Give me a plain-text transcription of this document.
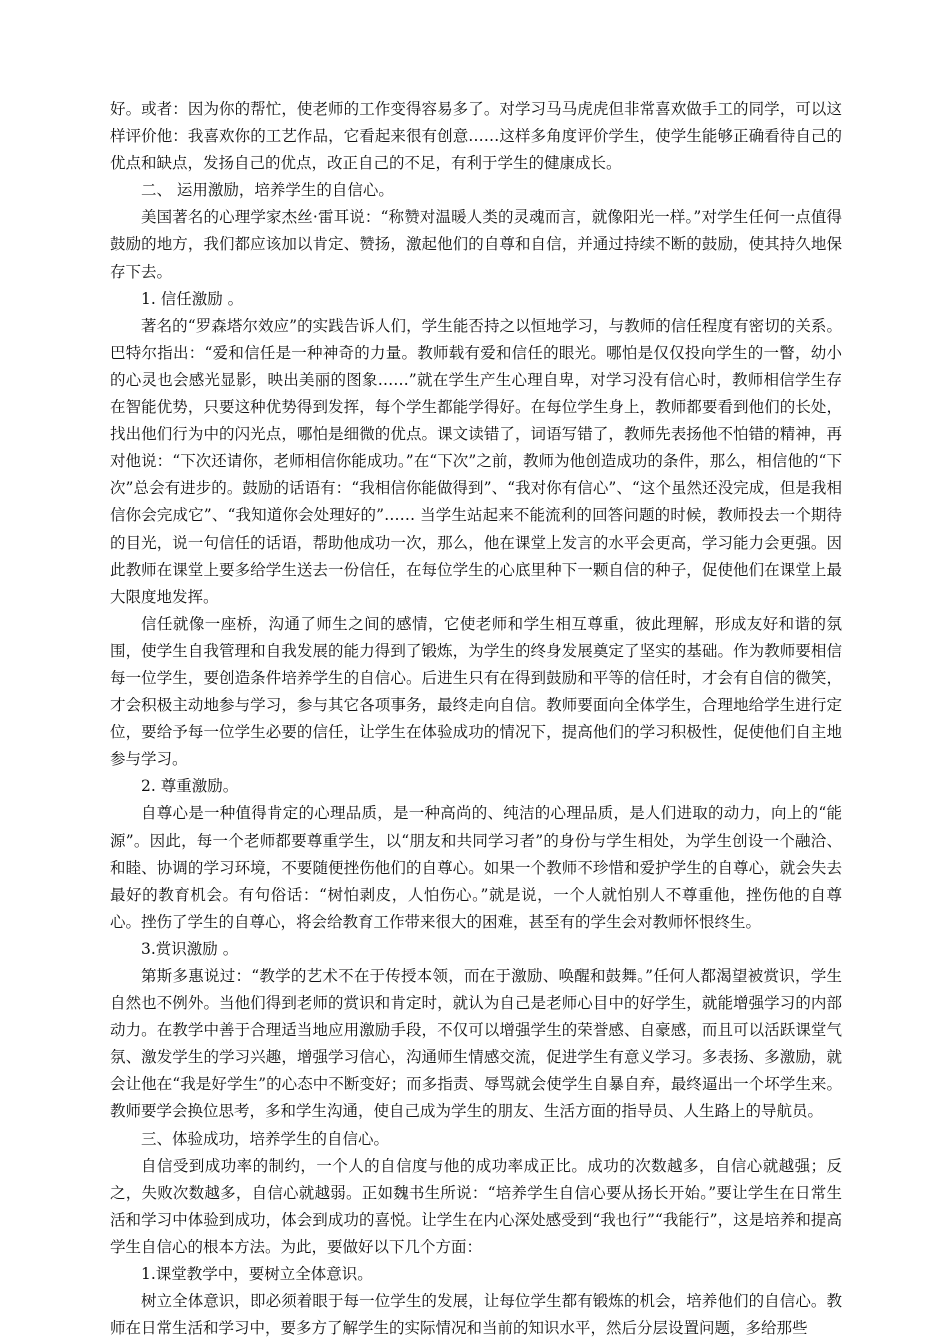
好。或者：因为你的帮忙，使老师的工作变得容易多了。对学习马马虎虎但非常喜欢做手工的同学，可以这样评价他：我喜欢你的工艺作品，它看起来很有创意……这样多角度评价学生，使学生能够正确看待自己的优点和缺点，发扬自己的优点，改正自己的不足，有利于学生的健康成长。

二、 运用激励，培养学生的自信心。

美国著名的心理学家杰丝·雷耳说：“称赞对温暖人类的灵魂而言，就像阳光一样。”对学生任何一点值得鼓励的地方，我们都应该加以肯定、赞扬，激起他们的自尊和自信，并通过持续不断的鼓励，使其持久地保存下去。

1. 信任激励 。

著名的“罗森塔尔效应”的实践告诉人们，学生能否持之以恒地学习，与教师的信任程度有密切的关系。巴特尔指出：“爱和信任是一种神奇的力量。教师载有爱和信任的眼光。哪怕是仅仅投向学生的一瞥，幼小的心灵也会感光显影，映出美丽的图象……”就在学生产生心理自卑，对学习没有信心时，教师相信学生存在智能优势，只要这种优势得到发挥，每个学生都能学得好。在每位学生身上，教师都要看到他们的长处，找出他们行为中的闪光点，哪怕是细微的优点。课文读错了，词语写错了，教师先表扬他不怕错的精神，再对他说：“下次还请你，老师相信你能成功。”在“下次”之前，教师为他创造成功的条件，那么，相信他的“下次”总会有进步的。鼓励的话语有：“我相信你能做得到”、“我对你有信心”、“这个虽然还没完成，但是我相信你会完成它”、“我知道你会处理好的”…… 当学生站起来不能流利的回答问题的时候，教师投去一个期待的目光，说一句信任的话语，帮助他成功一次，那么，他在课堂上发言的水平会更高，学习能力会更强。因此教师在课堂上要多给学生送去一份信任，在每位学生的心底里种下一颗自信的种子，促使他们在课堂上最大限度地发挥。

信任就像一座桥，沟通了师生之间的感情，它使老师和学生相互尊重，彼此理解，形成友好和谐的氛围，使学生自我管理和自我发展的能力得到了锻炼，为学生的终身发展奠定了坚实的基础。作为教师要相信每一位学生，要创造条件培养学生的自信心。后进生只有在得到鼓励和平等的信任时，才会有自信的微笑，才会积极主动地参与学习，参与其它各项事务，最终走向自信。教师要面向全体学生，合理地给学生进行定位，要给予每一位学生必要的信任，让学生在体验成功的情况下，提高他们的学习积极性，促使他们自主地参与学习。

2. 尊重激励。

自尊心是一种值得肯定的心理品质，是一种高尚的、纯洁的心理品质，是人们进取的动力，向上的“能源”。因此，每一个老师都要尊重学生，以“朋友和共同学习者”的身份与学生相处，为学生创设一个融洽、和睦、协调的学习环境，不要随便挫伤他们的自尊心。如果一个教师不珍惜和爱护学生的自尊心，就会失去最好的教育机会。有句俗话：“树怕剥皮，人怕伤心。”就是说，一个人就怕别人不尊重他，挫伤他的自尊心。挫伤了学生的自尊心，将会给教育工作带来很大的困难，甚至有的学生会对教师怀恨终生。

3.赏识激励 。

第斯多惠说过：“教学的艺术不在于传授本领，而在于激励、唤醒和鼓舞。”任何人都渴望被赏识，学生自然也不例外。当他们得到老师的赏识和肯定时，就认为自己是老师心目中的好学生，就能增强学习的内部动力。在教学中善于合理适当地应用激励手段，不仅可以增强学生的荣誉感、自豪感，而且可以活跃课堂气氛、激发学生的学习兴趣，增强学习信心，沟通师生情感交流，促进学生有意义学习。多表扬、多激励，就会让他在“我是好学生”的心态中不断变好；而多指责、辱骂就会使学生自暴自弃，最终逼出一个坏学生来。教师要学会换位思考，多和学生沟通，使自己成为学生的朋友、生活方面的指导员、人生路上的导航员。

三、体验成功，培养学生的自信心。

自信受到成功率的制约，一个人的自信度与他的成功率成正比。成功的次数越多，自信心就越强；反之，失败次数越多，自信心就越弱。正如魏书生所说：“培养学生自信心要从扬长开始。”要让学生在日常生活和学习中体验到成功，体会到成功的喜悦。让学生在内心深处感受到“我也行”“我能行”，这是培养和提高学生自信心的根本方法。为此，要做好以下几个方面：

1.课堂教学中，要树立全体意识。

树立全体意识，即必须着眼于每一位学生的发展，让每位学生都有锻炼的机会，培养他们的自信心。教师在日常生活和学习中，要多方了解学生的实际情况和当前的知识水平，然后分层设置问题，多给那些
